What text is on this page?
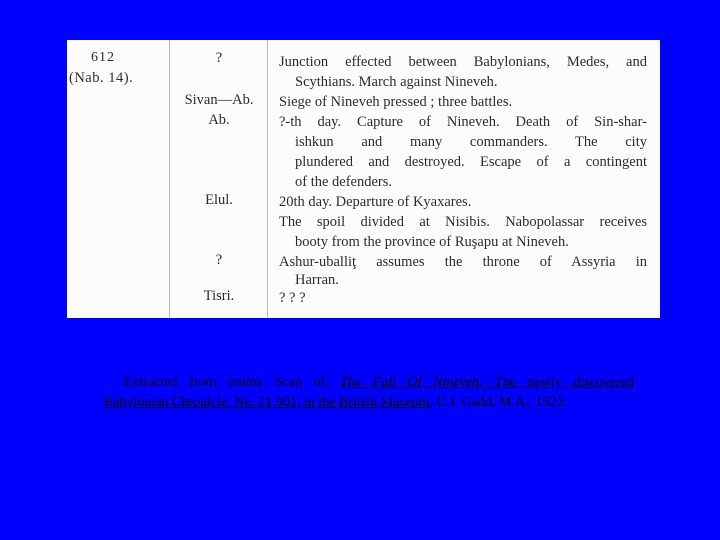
612
(Nab. 14).
?
Sivan—Ab.
Ab.
Elul.
?
Tisri.
Junction effected between Babylonians, Medes, and
Scythians. March against Nineveh.
Siege of Nineveh pressed ; three battles.
?-th day. Capture of Nineveh. Death of Sin-shar-
ishkun and many commanders. The city
plundered and destroyed. Escape of a contingent
of the defenders.
20th day. Departure of Kyaxares.
The spoil divided at Nisibis. Nabopolassar receives
booty from the province of Ruşapu at Nineveh.
Ashur-uballiţ assumes the throne of Assyria in
Harran.
? ? ?
Extracted from online Scan of, The Fall Of Nineveh: The newly discovered
Babylonian Chronicle, No. 21,901, in the British Museum, C.J. Gadd, M.A., 1923.
